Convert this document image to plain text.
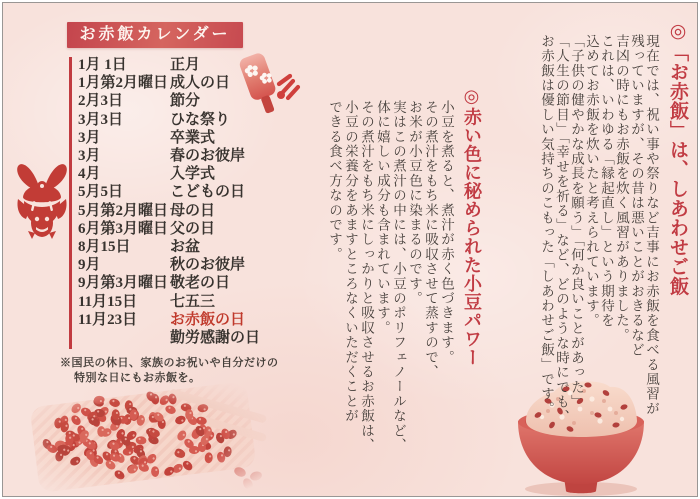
お赤飯カレンダー
1月 1日	正月
1月第2月曜日 成人の日
2月3日	節分
3月3日	ひな祭り
3月	卒業式
3月	春のお彼岸
4月	入学式
5月5日	こどもの日
5月第2月曜日 母の日
6月第3月曜日 父の日
8月15日	お盆
9月	秋のお彼岸
9月第3月曜日 敬老の日
11月15日	七五三
11月23日	お赤飯の日
勤労感謝の日
※国民の休日、家族のお祝いや自分だけの
特別な日にもお赤飯を。
◎赤い色に秘められた小豆パワー

小豆を煮ると、煮汁が赤く色づきます。

その煮汁をもち米に吸収させて蒸すので、

お米が小豆色に染まるのです。

実はこの煮汁の中には、小豆のポリフェノールなど、

体に嬉しい成分も含まれています。

その煮汁をもち米にしっかりと吸収させるお赤飯は、

小豆の栄養分をあますところなくいただくことが

できる食べ方なのです。	◎「お赤飯」は、しあわせご飯

現在では、祝い事や祭りなど吉事にお赤飯を食べる風習が

残っていますが、その昔は悪いことがおきるなど

吉凶の時にもお赤飯を炊く風習がありました。

これは、いわゆる「縁起直し」という期待を

込めてお赤飯を炊いたと考えられています。

「子供の健やかな成長を願う」「何か良いことがあった」

「人生の節目」「幸せを祈る」など、どのような時にでも、

お赤飯は優しい気持ちのこもった「しあわせご飯」です。
